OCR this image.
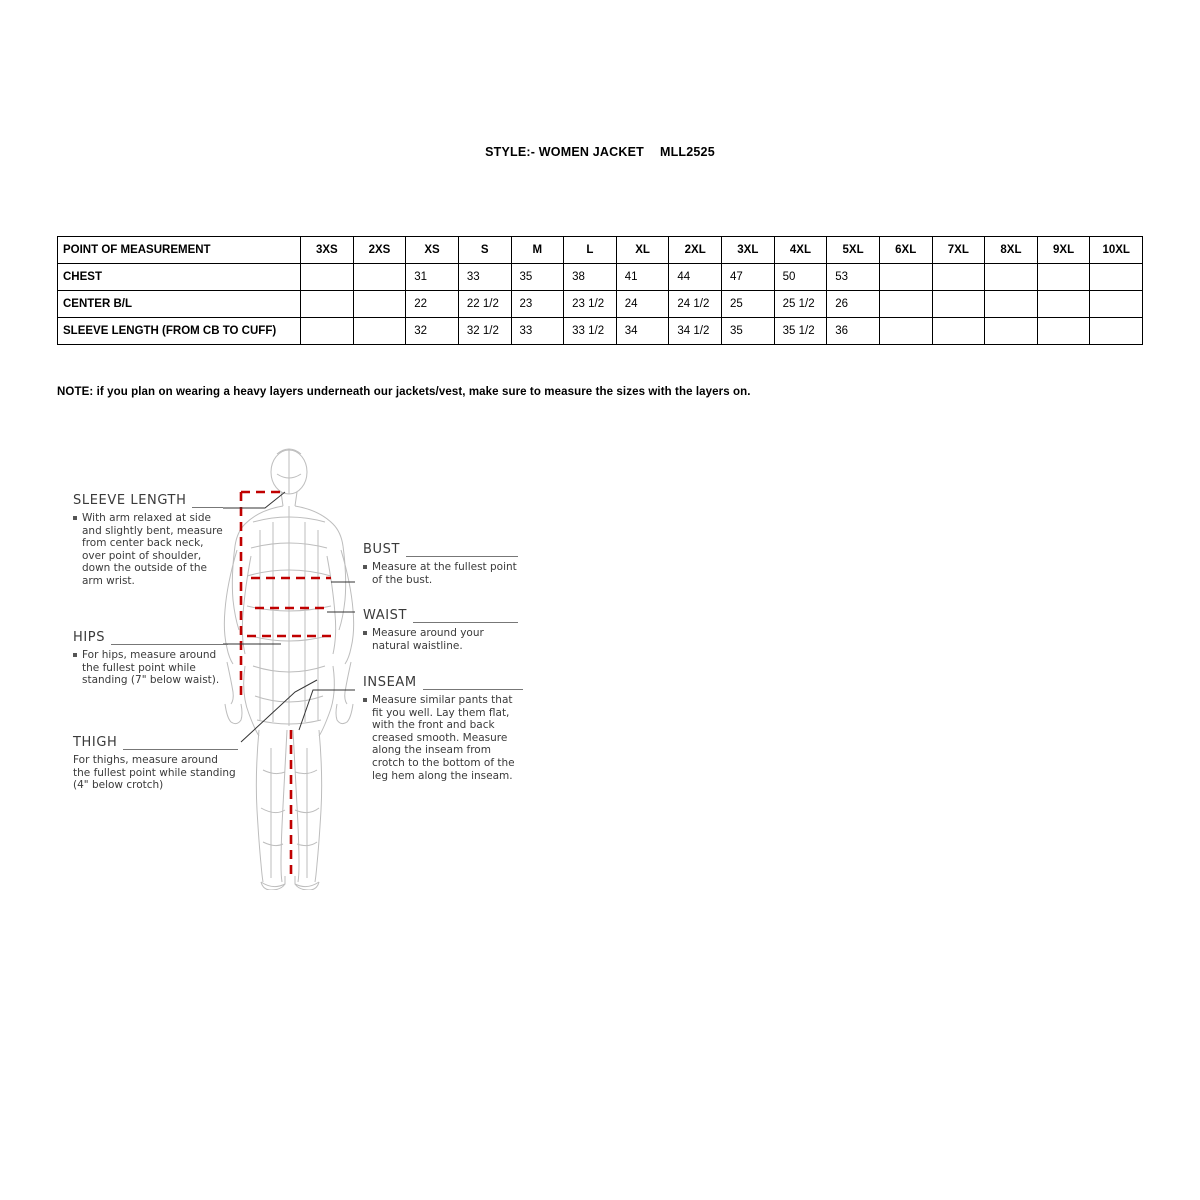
STYLE:- WOMEN JACKET MLL2525
POINT OF MEASUREMENT	3XS	2XS	XS	S	M	L	XL	2XL	3XL	4XL	5XL	6XL	7XL	8XL	9XL	10XL
CHEST			31	33	35	38	41	44	47	50	53					
CENTER B/L			22	22 1/2	23	23 1/2	24	24 1/2	25	25 1/2	26					
SLEEVE LENGTH (FROM CB TO CUFF)			32	32 1/2	33	33 1/2	34	34 1/2	35	35 1/2	36					
NOTE: if you plan on wearing a heavy layers underneath our jackets/vest, make sure to measure the sizes with the layers on.
SLEEVE LENGTH
With arm relaxed at side and slightly bent, measure from center back neck, over point of shoulder, down the outside of the arm wrist.
HIPS
For hips, measure around the fullest point while standing (7" below waist).
THIGH
For thighs, measure around the fullest point while standing (4" below crotch)
BUST
Measure at the fullest point of the bust.
WAIST
Measure around your natural waistline.
INSEAM
Measure similar pants that fit you well. Lay them flat, with the front and back creased smooth. Measure along the inseam from crotch to the bottom of the leg hem along the inseam.
